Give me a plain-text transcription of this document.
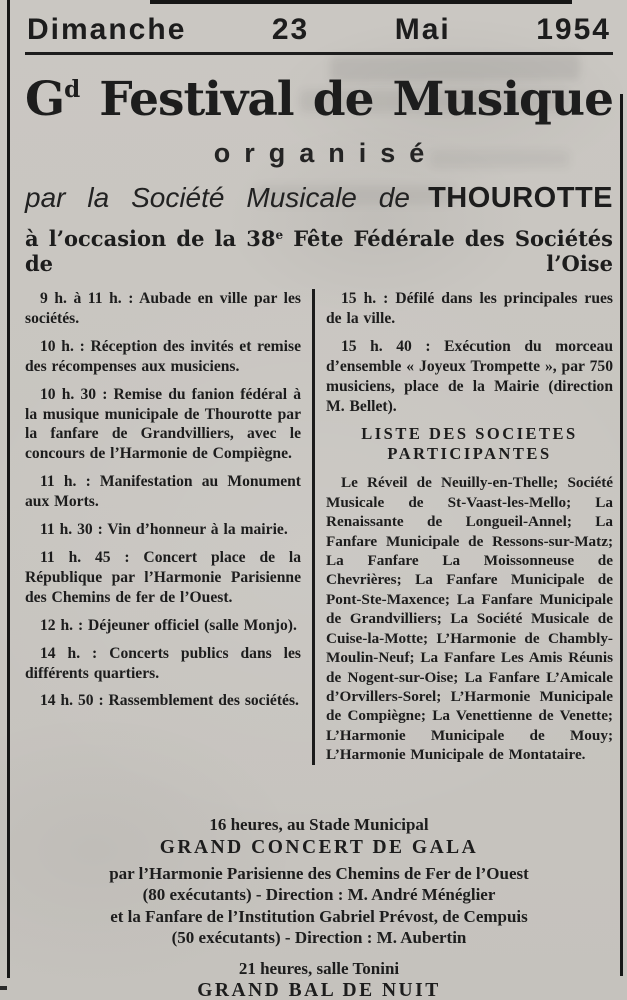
Dimanche	23	Mai	1954
$G^d$ Festival de Musique
organisé
par la Société Musicale de THOUROTTE
à l’occasion de la 38e Fête Fédérale des Sociétés de l’Oise

9 h. à 11 h. : Aubade en ville par les sociétés.

10 h. : Réception des invités et remise des récompenses aux musiciens.

10 h. 30 : Remise du fanion fédéral à la musique municipale de Thourotte par la fanfare de Grandvilliers, avec le concours de l’Harmonie de Compiègne.

11 h. : Manifestation au Monument aux Morts.

11 h. 30 : Vin d’honneur à la mairie.

11 h. 45 : Concert place de la République par l’Harmonie Parisienne des Chemins de fer de l’Ouest.

12 h. : Déjeuner officiel (salle Monjo).

14 h. : Concerts publics dans les différents quartiers.

14 h. 50 : Rassemblement des sociétés.

15 h. : Défilé dans les principales rues de la ville.

15 h. 40 : Exécution du morceau d’ensemble « Joyeux Trompette », par 750 musiciens, place de la Mairie (direction M. Bellet).

LISTE DES SOCIETES
PARTICIPANTES

Le Réveil de Neuilly-en-Thelle; Société Musicale de St-Vaast-les-Mello; La Renaissante de Longueil-Annel; La Fanfare Municipale de Ressons-sur-Matz; La Fanfare La Moissonneuse de Chevrières; La Fanfare Municipale de Pont-Ste-Maxence; La Fanfare Municipale de Grandvilliers; La Société Musicale de Cuise-la-Motte; L’Harmonie de Chambly-Moulin-Neuf; La Fanfare Les Amis Réunis de Nogent-sur-Oise; La Fanfare L’Amicale d’Orvillers-Sorel; L’Harmonie Municipale de Compiègne; La Venettienne de Venette; L’Harmonie Municipale de Mouy; L’Harmonie Municipale de Montataire.

16 heures, au Stade Municipal
GRAND CONCERT DE GALA
par l’Harmonie Parisienne des Chemins de Fer de l’Ouest
(80 exécutants) - Direction : M. André Ménéglier
et la Fanfare de l’Institution Gabriel Prévost, de Cempuis
(50 exécutants) - Direction : M. Aubertin
21 heures, salle Tonini
GRAND BAL DE NUIT
